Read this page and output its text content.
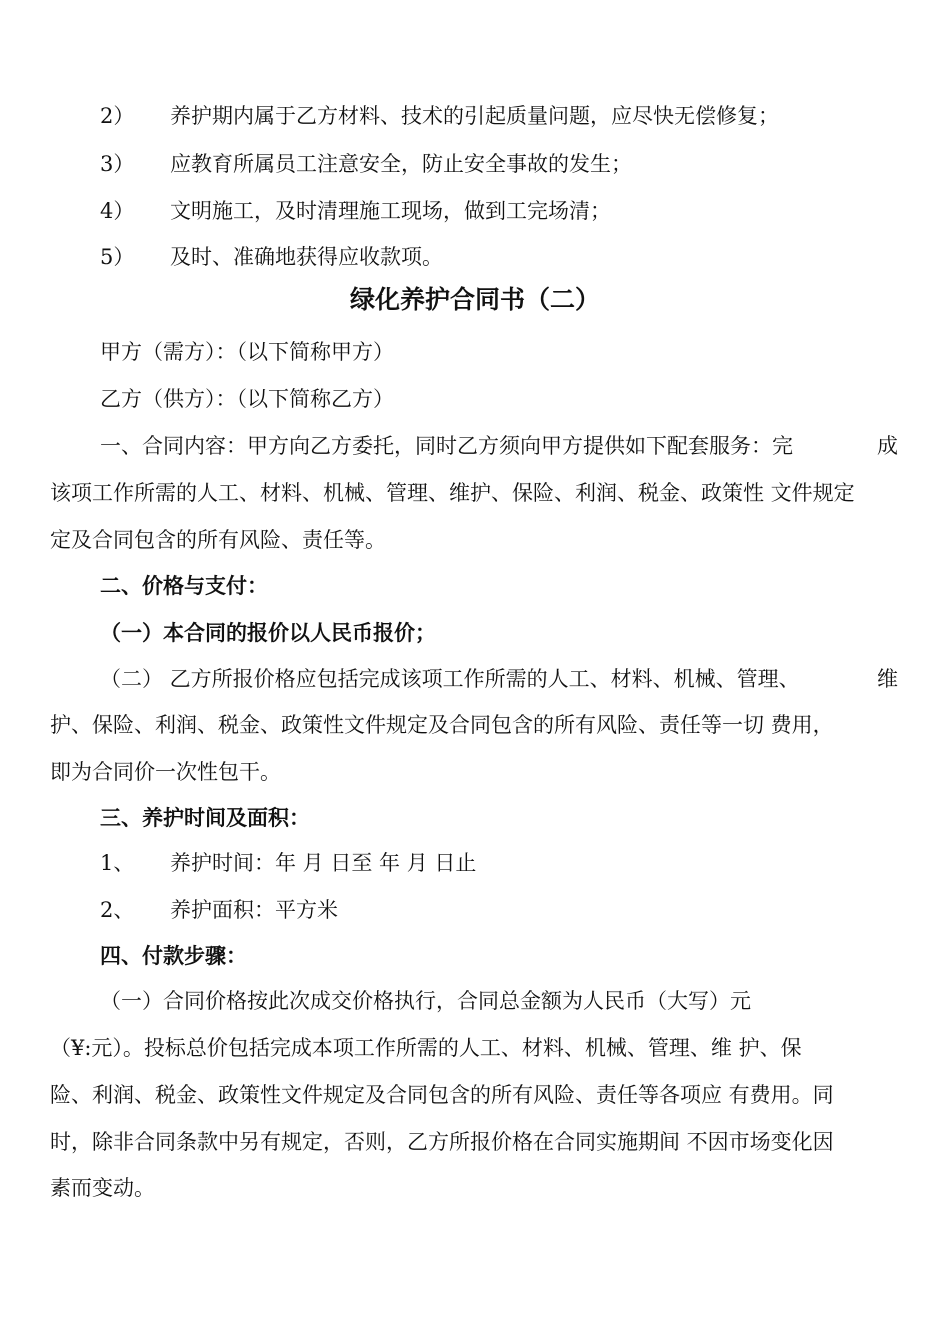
2） 养护期内属于乙方材料、技术的引起质量问题，应尽快无偿修复；
3） 应教育所属员工注意安全，防止安全事故的发生；
4） 文明施工，及时清理施工现场，做到工完场清；
5） 及时、准确地获得应收款项。
绿化养护合同书（二）
甲方（需方）：（以下简称甲方）
乙方（供方）：（以下简称乙方）
一、合同内容：甲方向乙方委托，同时乙方须向甲方提供如下配套服务：完	成
该项工作所需的人工、材料、机械、管理、维护、保险、利润、税金、政策性 文件规定
定及合同包含的所有风险、责任等。
二、价格与支付：
（一）本合同的报价以人民币报价；
（二） 乙方所报价格应包括完成该项工作所需的人工、材料、机械、管理、	维
护、保险、利润、税金、政策性文件规定及合同包含的所有风险、责任等一切 费用，
即为合同价一次性包干。
三、养护时间及面积：
1、 养护时间：年 月 日至 年 月 日止
2、 养护面积：平方米
四、付款步骤：
（一）合同价格按此次成交价格执行，合同总金额为人民币（大写）元
（¥:元）。投标总价包括完成本项工作所需的人工、材料、机械、管理、维 护、保
险、利润、税金、政策性文件规定及合同包含的所有风险、责任等各项应 有费用。同
时，除非合同条款中另有规定，否则，乙方所报价格在合同实施期间 不因市场变化因
素而变动。
